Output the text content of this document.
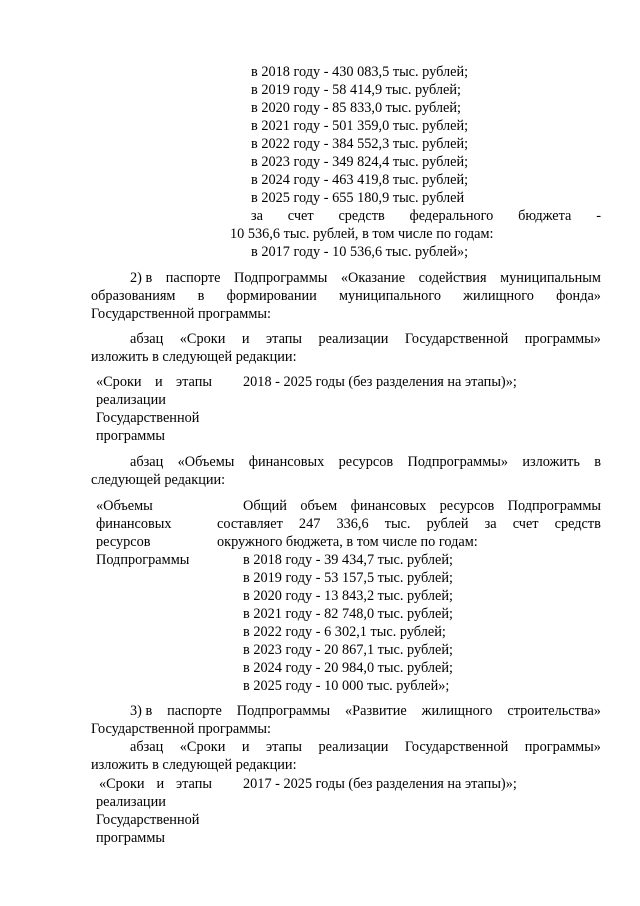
в 2018 году - 430 083,5 тыс. рублей;
в 2019 году - 58 414,9 тыс. рублей;
в 2020 году - 85 833,0 тыс. рублей;
в 2021 году - 501 359,0 тыс. рублей;
в 2022 году - 384 552,3 тыс. рублей;
в 2023 году - 349 824,4 тыс. рублей;
в 2024 году - 463 419,8 тыс. рублей;
в 2025 году - 655 180,9 тыс. рублей
за счет средств федерального бюджета -
10 536,6 тыс. рублей, в том числе по годам:
в 2017 году - 10 536,6 тыс. рублей»;
2) в паспорте Подпрограммы «Оказание содействия муниципальным
образованиям в формировании муниципального жилищного фонда»
Государственной программы:
абзац «Сроки и этапы реализации Государственной программы»
изложить в следующей редакции:
«Сроки и этапы
реализации
Государственной
программы
2018 - 2025 годы (без разделения на этапы)»;
абзац «Объемы финансовых ресурсов Подпрограммы» изложить в
следующей редакции:
«Объемы
финансовых
ресурсов
Подпрограммы
Общий объем финансовых ресурсов Подпрограммы
составляет 247 336,6 тыс. рублей за счет средств
окружного бюджета, в том числе по годам:
в 2018 году - 39 434,7 тыс. рублей;
в 2019 году - 53 157,5 тыс. рублей;
в 2020 году - 13 843,2 тыс. рублей;
в 2021 году - 82 748,0 тыс. рублей;
в 2022 году - 6 302,1 тыс. рублей;
в 2023 году - 20 867,1 тыс. рублей;
в 2024 году - 20 984,0 тыс. рублей;
в 2025 году - 10 000 тыс. рублей»;
3) в паспорте Подпрограммы «Развитие жилищного строительства»
Государственной программы:
абзац «Сроки и этапы реализации Государственной программы»
изложить в следующей редакции:
«Сроки и этапы
реализации
Государственной
программы
2017 - 2025 годы (без разделения на этапы)»;
